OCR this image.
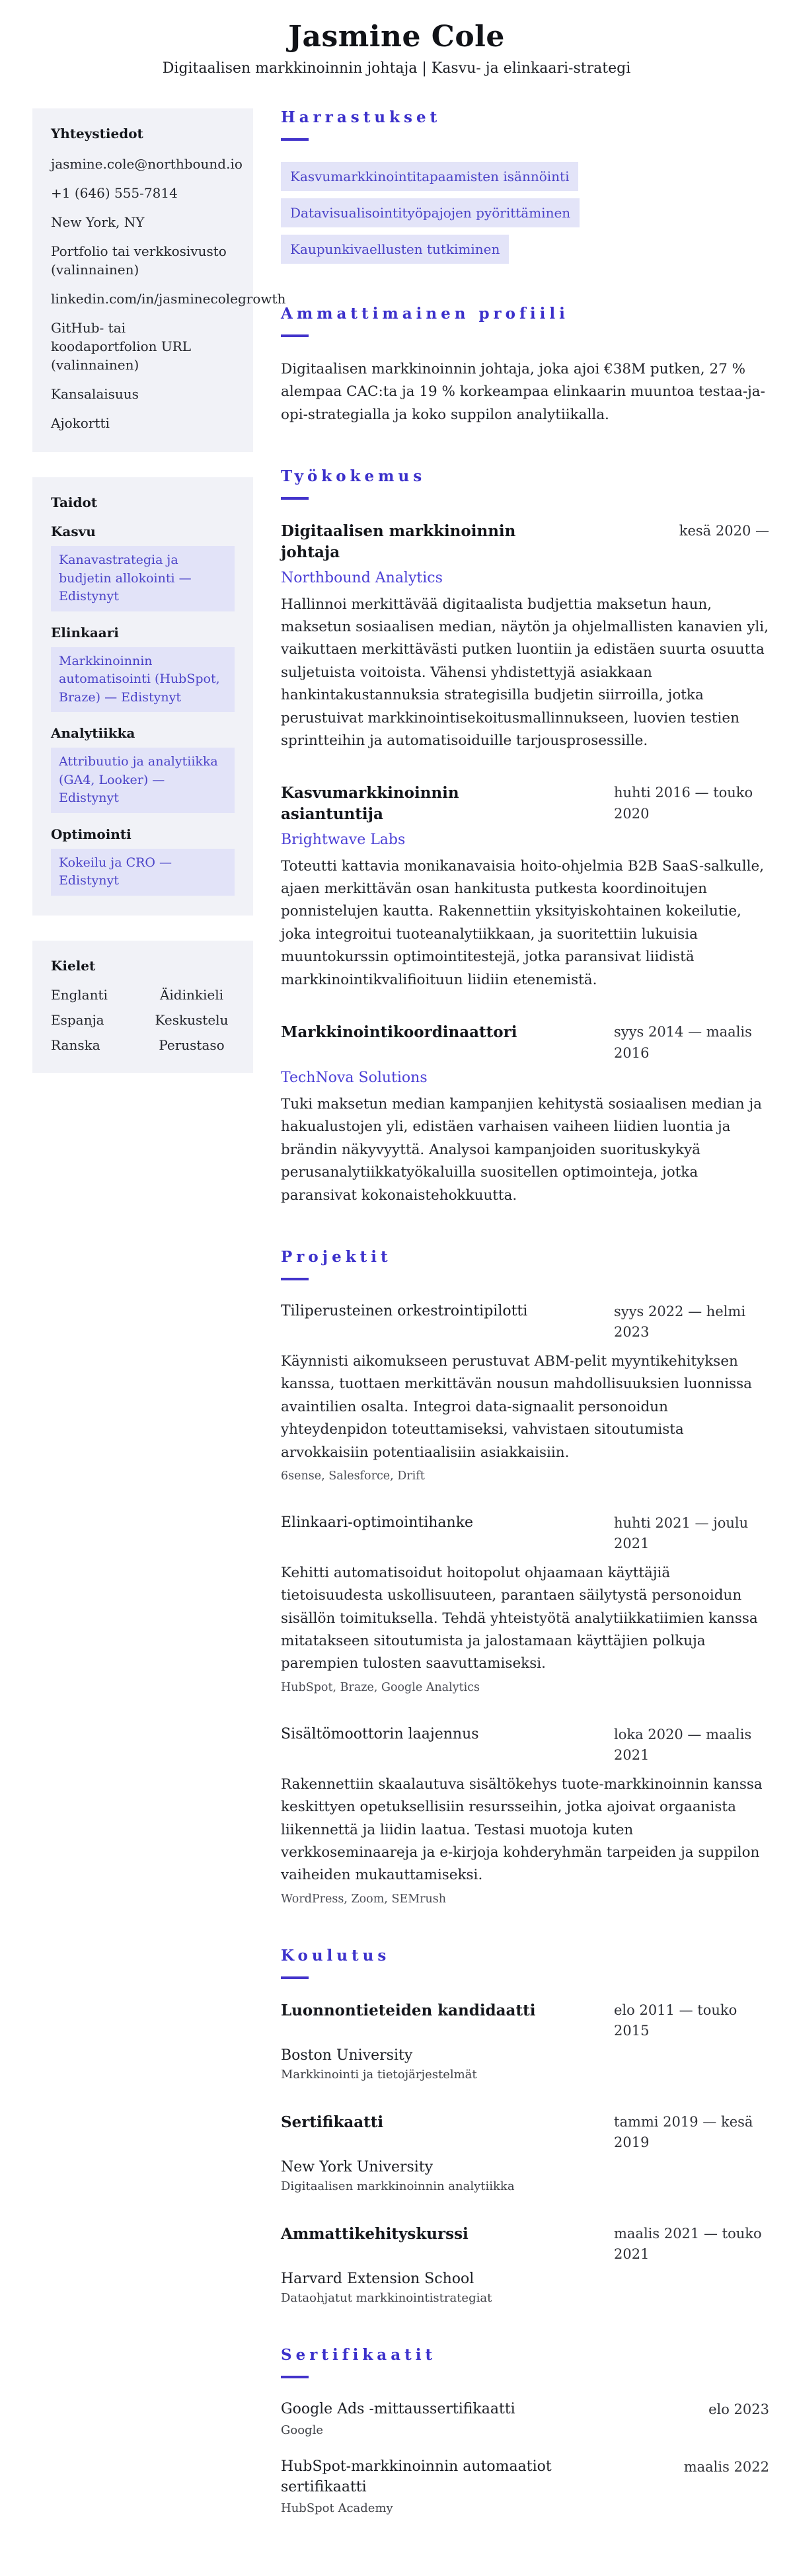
Jasmine Cole
Digitaalisen markkinoinnin johtaja | Kasvu- ja elinkaari-strategi
Yhteystiedot
jasmine.cole@northbound.io
+1 (646) 555-7814
New York, NY
Portfolio tai verkkosivusto (valinnainen)
linkedin.com/in/jasminecolegrowth
GitHub- tai koodaportfolion URL (valinnainen)
Kansalaisuus
Ajokortti
Taidot
Kasvu
Kanavastrategia ja budjetin allokointi — Edistynyt
Elinkaari
Markkinoinnin automatisointi (HubSpot, Braze) — Edistynyt
Analytiikka
Attribuutio ja analytiikka (GA4, Looker) — Edistynyt
Optimointi
Kokeilu ja CRO — Edistynyt
Kielet
Englanti	Äidinkieli
Espanja	Keskustelu
Ranska	Perustaso
Harrastukset
Kasvumarkkinointitapaamisten isännöinti
Datavisualisointityöpajojen pyörittäminen
Kaupunkivaellusten tutkiminen
Ammattimainen profiili
Digitaalisen markkinoinnin johtaja, joka ajoi €38M putken, 27 % alempaa CAC:ta ja 19 % korkeampaa elinkaarin muuntoa testaa-ja-opi-strategialla ja koko suppilon analytiikalla.
Työkokemus
Digitaalisen markkinoinnin johtaja
kesä 2020 —
Northbound Analytics
Hallinnoi merkittävää digitaalista budjettia maksetun haun, maksetun sosiaalisen median, näytön ja ohjelmallisten kanavien yli, vaikuttaen merkittävästi putken luontiin ja edistäen suurta osuutta suljetuista voitoista. Vähensi yhdistettyjä asiakkaan hankintakustannuksia strategisilla budjetin siirroilla, jotka perustuivat markkinointisekoitusmallinnukseen, luovien testien sprintteihin ja automatisoiduille tarjousprosessille.
Kasvumarkkinoinnin asiantuntija
huhti 2016 — touko 2020
Brightwave Labs
Toteutti kattavia monikanavaisia hoito-ohjelmia B2B SaaS-salkulle, ajaen merkittävän osan hankitusta putkesta koordinoitujen ponnistelujen kautta. Rakennettiin yksityiskohtainen kokeilutie, joka integroitui tuoteanalytiikkaan, ja suoritettiin lukuisia muuntokurssin optimointitestejä, jotka paransivat liidistä markkinointikvalifioituun liidiin etenemistä.
Markkinointikoordinaattori	syys 2014 — maalis 2016
TechNova Solutions
Tuki maksetun median kampanjien kehitystä sosiaalisen median ja hakualustojen yli, edistäen varhaisen vaiheen liidien luontia ja brändin näkyvyyttä. Analysoi kampanjoiden suorituskykyä perusanalytiikkatyökaluilla suositellen optimointeja, jotka paransivat kokonaistehokkuutta.
Projektit
Tiliperusteinen orkestrointipilotti	syys 2022 — helmi 2023
Käynnisti aikomukseen perustuvat ABM-pelit myyntikehityksen kanssa, tuottaen merkittävän nousun mahdollisuuksien luonnissa avaintilien osalta. Integroi data-signaalit personoidun yhteydenpidon toteuttamiseksi, vahvistaen sitoutumista arvokkaisiin potentiaalisiin asiakkaisiin.
6sense, Salesforce, Drift
Elinkaari-optimointihanke	huhti 2021 — joulu 2021
Kehitti automatisoidut hoitopolut ohjaamaan käyttäjiä tietoisuudesta uskollisuuteen, parantaen säilytystä personoidun sisällön toimituksella. Tehdä yhteistyötä analytiikkatiimien kanssa mitatakseen sitoutumista ja jalostamaan käyttäjien polkuja parempien tulosten saavuttamiseksi.
HubSpot, Braze, Google Analytics
Sisältömoottorin laajennus	loka 2020 — maalis 2021
Rakennettiin skaalautuva sisältökehys tuote-markkinoinnin kanssa keskittyen opetuksellisiin resursseihin, jotka ajoivat orgaanista liikennettä ja liidin laatua. Testasi muotoja kuten verkkoseminaareja ja e-kirjoja kohderyhmän tarpeiden ja suppilon vaiheiden mukauttamiseksi.
WordPress, Zoom, SEMrush
Koulutus
Luonnontieteiden kandidaatti	elo 2011 — touko 2015
Boston University
Markkinointi ja tietojärjestelmät
Sertifikaatti	tammi 2019 — kesä 2019
New York University
Digitaalisen markkinoinnin analytiikka
Ammattikehityskurssi	maalis 2021 — touko 2021
Harvard Extension School
Dataohjatut markkinointistrategiat
Sertifikaatit
Google Ads -mittaussertifikaatti	elo 2023
Google
HubSpot-markkinoinnin automaatiot sertifikaatti
maalis 2022
HubSpot Academy
